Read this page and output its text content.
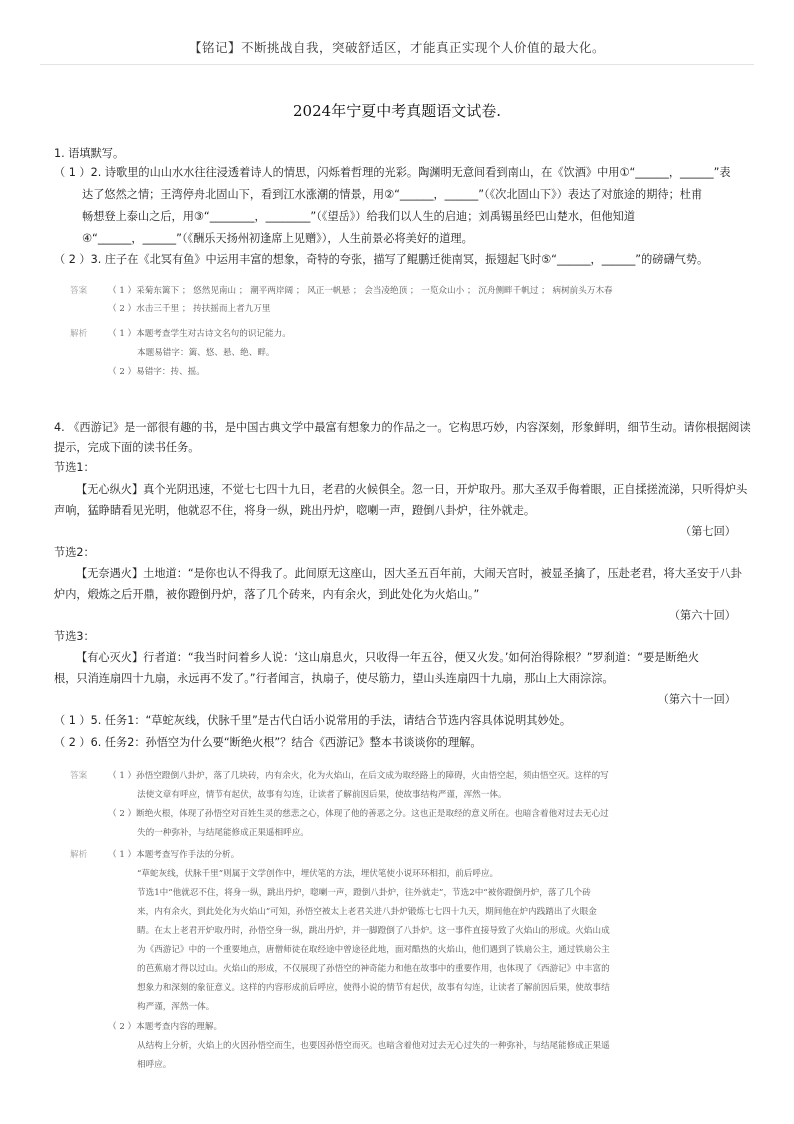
【铭记】不断挑战自我，突破舒适区，才能真正实现个人价值的最大化。
2024年宁夏中考真题语文试卷.
1. 语填默写。
（ 1 ）2. 诗歌里的山山水水往往浸透着诗人的情思，闪烁着哲理的光彩。陶渊明无意间看到南山，在《饮酒》中用①“______，______”表
达了悠然之情；王湾停舟北固山下，看到江水涨潮的情景，用②“______，______”（《次北固山下》）表达了对旅途的期待；杜甫
畅想登上泰山之后，用③“________，________”（《望岳》）给我们以人生的启迪；刘禹锡虽经巴山楚水，但他知道
④“______，______”（《酬乐天扬州初逢席上见赠》），人生前景必将美好的道理。
（ 2 ）3. 庄子在《北冥有鱼》中运用丰富的想象，奇特的夸张，描写了鲲鹏迁徙南冥，振翅起飞时⑤“______，______”的磅礴气势。
答案 （ 1 ）采菊东篱下 ； 悠然见南山 ； 潮平两岸阔 ； 风正一帆悬 ； 会当凌绝顶 ； 一览众山小 ； 沉舟侧畔千帆过 ； 病树前头万木春
（ 2 ）水击三千里 ； 抟扶摇而上者九万里
解析 （ 1 ）本题考查学生对古诗文名句的识记能力。
本题易错字：篱、悠、悬、绝、畔。
（ 2 ）易错字：抟、摇。
4. 《西游记》是一部很有趣的书，是中国古典文学中最富有想象力的作品之一。它构思巧妙，内容深刻，形象鲜明，细节生动。请你根据阅读
提示，完成下面的读书任务。
节选1：
【无心纵火】真个光阴迅速，不觉七七四十九日，老君的火候俱全。忽一日，开炉取丹。那大圣双手侮着眼，正自揉搓流涕，只听得炉头
声响，猛睁睛看见光明，他就忍不住，将身一纵，跳出丹炉，唿喇一声，蹬倒八卦炉，往外就走。
（第七回）
节选2：
【无奈遇火】土地道：“是你也认不得我了。此间原无这座山，因大圣五百年前，大闹天宫时，被显圣擒了，压赴老君，将大圣安于八卦
炉内，煅炼之后开鼎，被你蹬倒丹炉，落了几个砖来，内有余火，到此处化为火焰山。”
（第六十回）
节选3：
【有心灭火】行者道：“我当时问着乡人说：‘这山扇息火，只收得一年五谷，便又火发。’如何治得除根？”罗刹道：“要是断绝火
根，只消连扇四十九扇，永远再不发了。”行者闻言，执扇子，使尽筋力，望山头连扇四十九扇，那山上大雨淙淙。
（第六十一回）
（ 1 ）5. 任务1：“草蛇灰线，伏脉千里”是古代白话小说常用的手法，请结合节选内容具体说明其妙处。
（ 2 ）6. 任务2：孙悟空为什么要“断绝火根”？结合《西游记》整本书谈谈你的理解。
答案 （ 1 ）孙悟空蹬倒八卦炉，落了几块砖，内有余火，化为火焰山，在后文成为取经路上的障碍，火由悟空起，须由悟空灭。这样的写
法使文章有呼应，情节有起伏，故事有勾连，让读者了解前因后果，使故事结构严谨，浑然一体。
（ 2 ）断绝火根，体现了孙悟空对百姓生灵的慈悲之心，体现了他的善恶之分。这也正是取经的意义所在。也暗含着他对过去无心过
失的一种弥补，与结尾能修成正果遥相呼应。
解析 （ 1 ）本题考查写作手法的分析。
“草蛇灰线，伏脉千里”则属于文学创作中，埋伏笔的方法，埋伏笔使小说环环相扣，前后呼应。
节选1中“他就忍不住，将身一纵，跳出丹炉，唿喇一声，蹬倒八卦炉，往外就走”，节选2中“被你蹬倒丹炉，落了几个砖
来，内有余火，到此处化为火焰山”可知，孙悟空被太上老君关进八卦炉锻炼七七四十九天，期间他在炉内践踏出了火眼金
睛。在太上老君开炉取丹时，孙悟空身一纵，跳出丹炉，并一脚蹬倒了八卦炉。这一事件直接导致了火焰山的形成。火焰山成
为《西游记》中的一个重要地点，唐僧师徒在取经途中曾途径此地，面对酷热的火焰山，他们遇到了铁扇公主，通过铁扇公主
的芭蕉扇才得以过山。火焰山的形成，不仅展现了孙悟空的神奇能力和他在故事中的重要作用，也体现了《西游记》中丰富的
想象力和深刻的象征意义。这样的内容形成前后呼应，使得小说的情节有起伏，故事有勾连，让读者了解前因后果，使故事结
构严谨，浑然一体。
（ 2 ）本题考查内容的理解。
从结构上分析，火焰上的火因孙悟空而生，也要因孙悟空而灭。也暗含着他对过去无心过失的一种弥补，与结尾能修成正果遥
相呼应。
